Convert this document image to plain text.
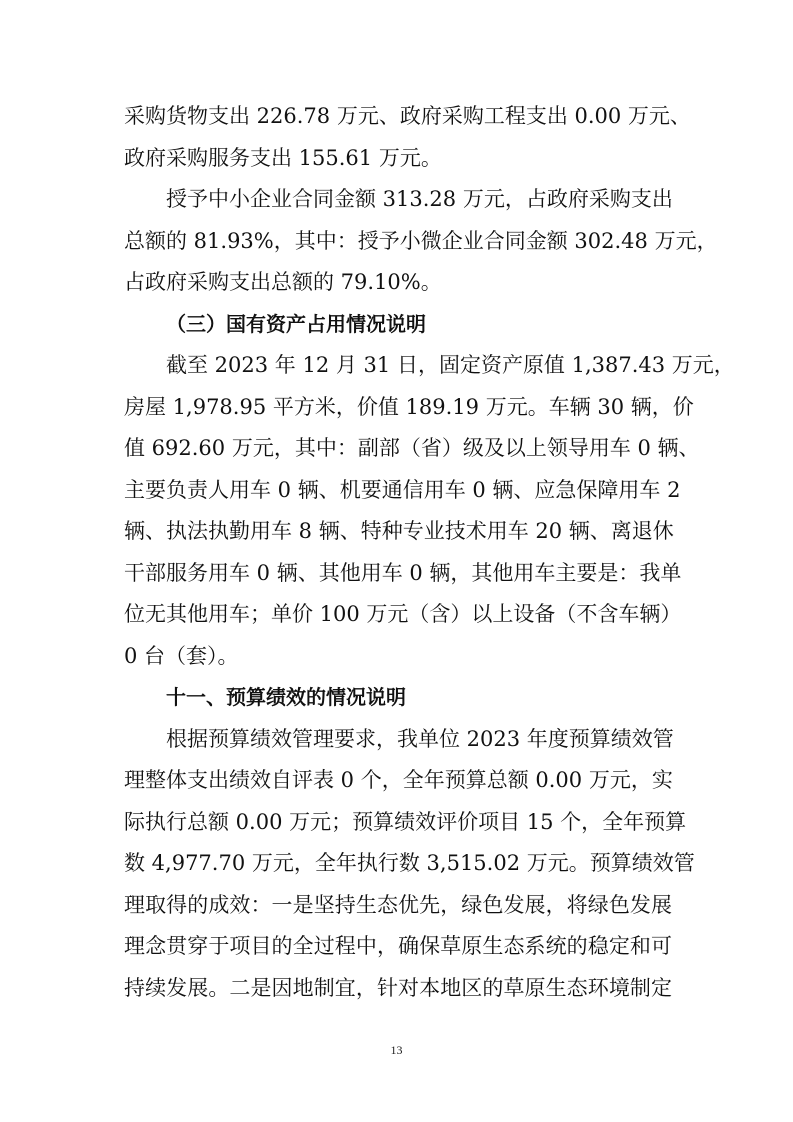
采购货物支出 226.78 万元、政府采购工程支出 0.00 万元、
政府采购服务支出 155.61 万元。
授予中小企业合同金额 313.28 万元，占政府采购支出
总额的 81.93%，其中：授予小微企业合同金额 302.48 万元，
占政府采购支出总额的 79.10%。
（三）国有资产占用情况说明
截至 2023 年 12 月 31 日，固定资产原值 1,387.43 万元，
房屋 1,978.95 平方米，价值 189.19 万元。车辆 30 辆，价
值 692.60 万元，其中：副部（省）级及以上领导用车 0 辆、
主要负责人用车 0 辆、机要通信用车 0 辆、应急保障用车 2
辆、执法执勤用车 8 辆、特种专业技术用车 20 辆、离退休
干部服务用车 0 辆、其他用车 0 辆，其他用车主要是：我单
位无其他用车；单价 100 万元（含）以上设备（不含车辆）
0 台（套）。
十一、预算绩效的情况说明
根据预算绩效管理要求，我单位 2023 年度预算绩效管
理整体支出绩效自评表 0 个，全年预算总额 0.00 万元，实
际执行总额 0.00 万元；预算绩效评价项目 15 个，全年预算
数 4,977.70 万元，全年执行数 3,515.02 万元。预算绩效管
理取得的成效：一是坚持生态优先，绿色发展，将绿色发展
理念贯穿于项目的全过程中，确保草原生态系统的稳定和可
持续发展。二是因地制宜，针对本地区的草原生态环境制定
13
